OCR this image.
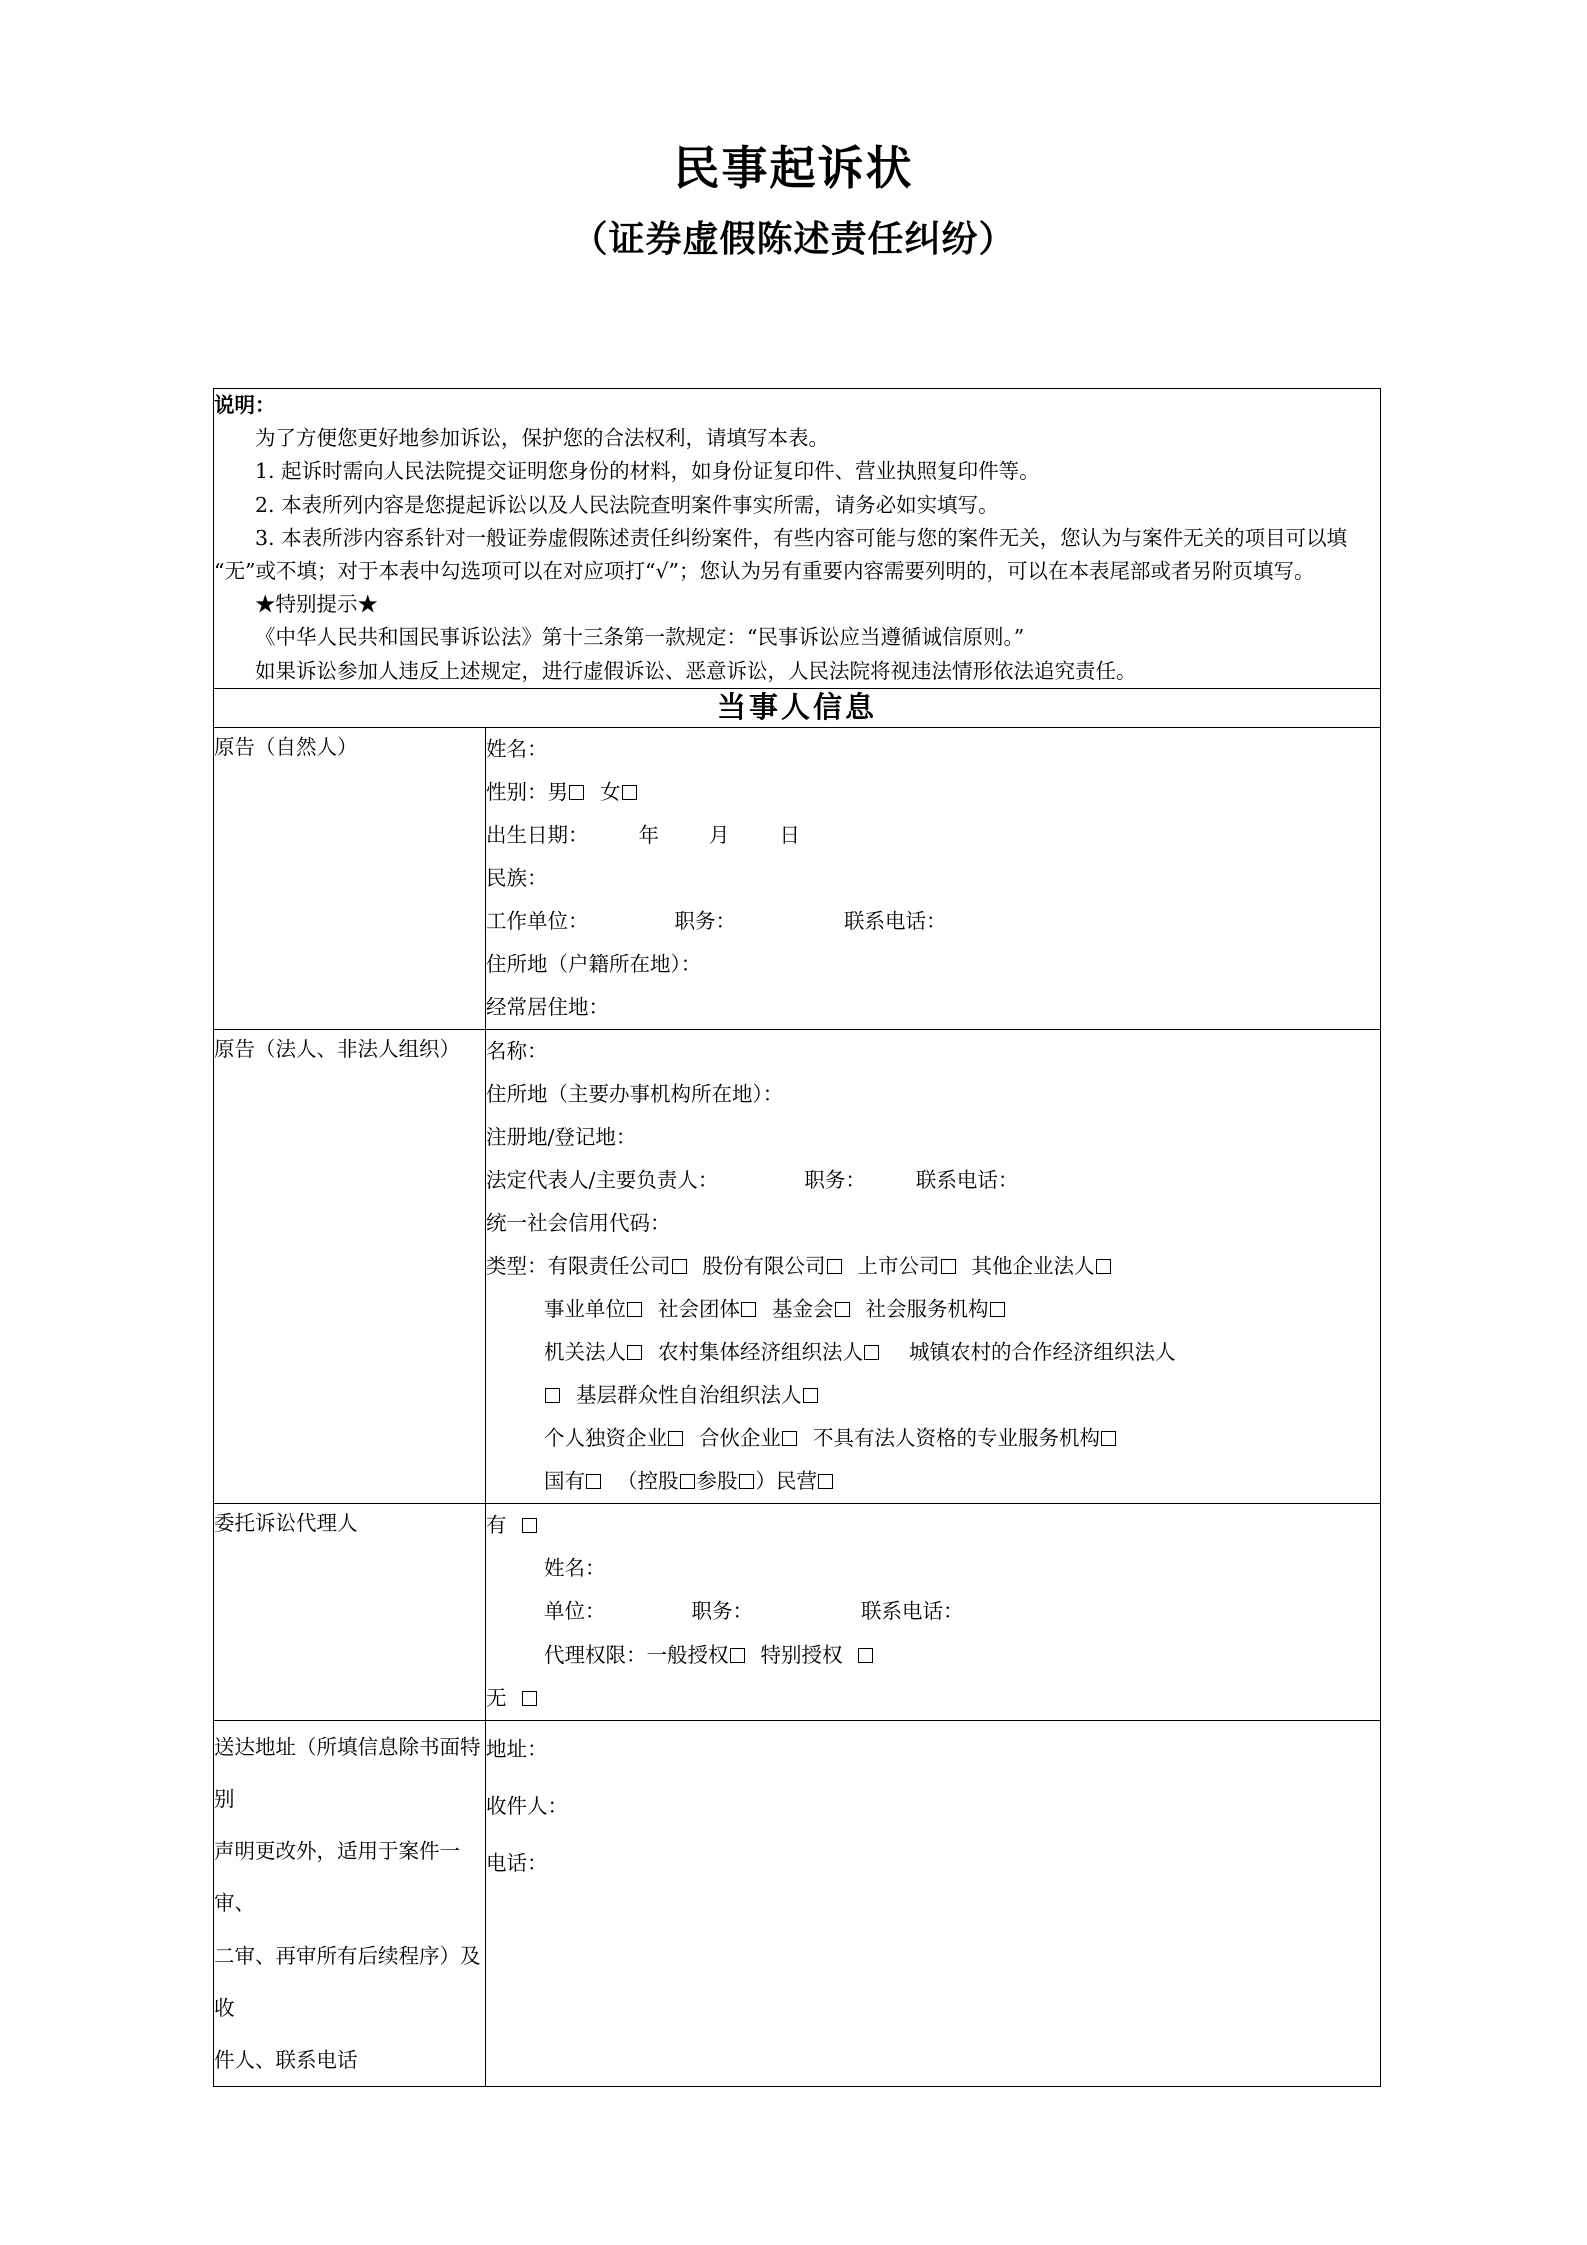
民事起诉状
（证券虚假陈述责任纠纷）

说明：

为了方便您更好地参加诉讼，保护您的合法权利，请填写本表。

1. 起诉时需向人民法院提交证明您身份的材料，如身份证复印件、营业执照复印件等。

2. 本表所列内容是您提起诉讼以及人民法院查明案件事实所需，请务必如实填写。

3. 本表所涉内容系针对一般证券虚假陈述责任纠纷案件，有些内容可能与您的案件无关，您认为与案件无关的项目可以填“无”或不填；对于本表中勾选项可以在对应项打“√”；您认为另有重要内容需要列明的，可以在本表尾部或者另附页填写。

★特别提示★

《中华人民共和国民事诉讼法》第十三条第一款规定：“民事诉讼应当遵循诚信原则。”

如果诉讼参加人违反上述规定，进行虚假诉讼、恶意诉讼，人民法院将视违法情形依法追究责任。

当事人信息	
原告（自然人）	姓名：
性别：男 女
出生日期： 年 月 日
民族：
工作单位：	职务：	联系电话：
住所地（户籍所在地）：
经常居住地：

原告（法人、非法人组织）	名称：
住所地（主要办事机构所在地）：
注册地/登记地：
法定代表人/主要负责人：	职务： 联系电话：
统一社会信用代码：
类型：有限责任公司 股份有限公司 上市公司 其他企业法人
事业单位 社会团体 基金会 社会服务机构
机关法人 农村集体经济组织法人 城镇农村的合作经济组织法人
基层群众性自治组织法人
个人独资企业 合伙企业 不具有法人资格的专业服务机构
国有 （控股 参股 ）民营

委托诉讼代理人	有
姓名：
单位： 职务： 联系电话：
代理权限：一般授权 特别授权
无

送达地址（所填信息除书面特别
声明更改外，适用于案件一审、
二审、再审所有后续程序）及收
件人、联系电话

地址：
收件人：
电话：
